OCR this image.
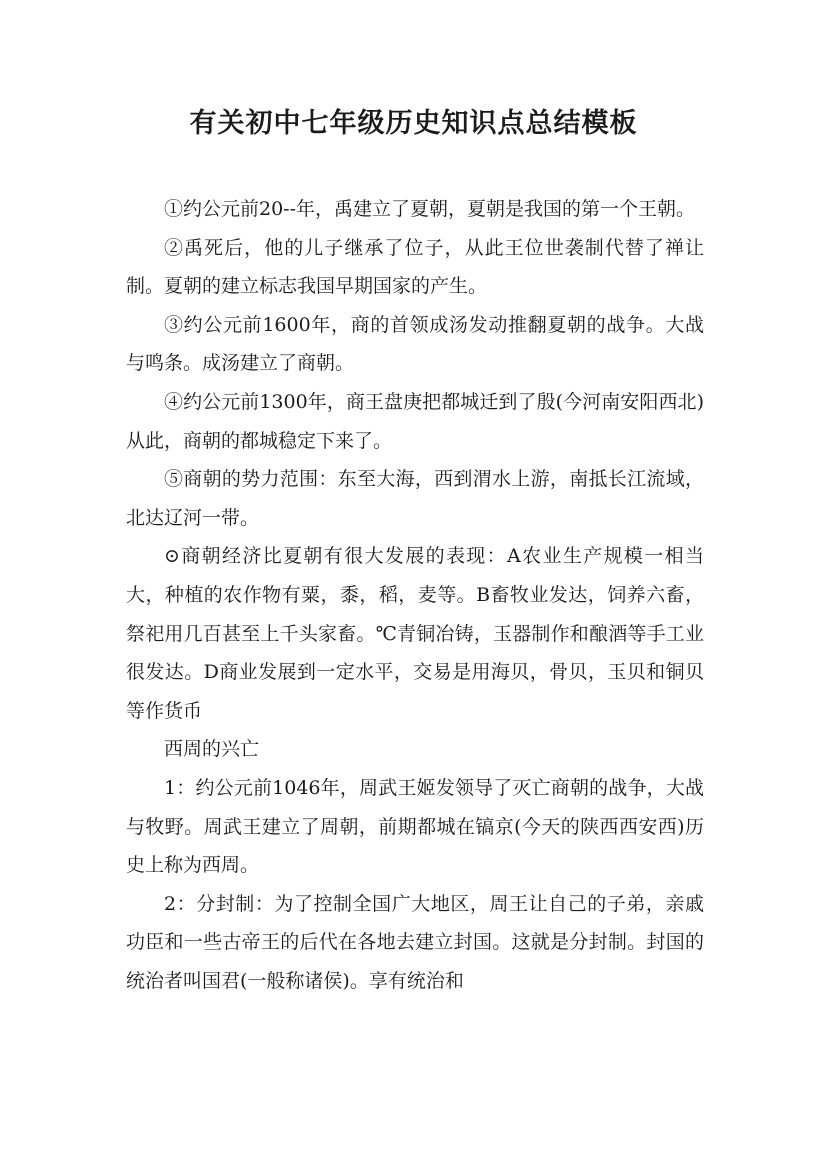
有关初中七年级历史知识点总结模板

①约公元前20--年，禹建立了夏朝，夏朝是我国的第一个王朝。

②禹死后，他的儿子继承了位子，从此王位世袭制代替了禅让制。夏朝的建立标志我国早期国家的产生。

③约公元前1600年，商的首领成汤发动推翻夏朝的战争。大战与鸣条。成汤建立了商朝。

④约公元前1300年，商王盘庚把都城迁到了殷(今河南安阳西北)从此，商朝的都城稳定下来了。

⑤商朝的势力范围：东至大海，西到渭水上游，南抵长江流域，北达辽河一带。

⊙商朝经济比夏朝有很大发展的表现：A农业生产规模一相当大，种植的农作物有粟，黍，稻，麦等。B畜牧业发达，饲养六畜，祭祀用几百甚至上千头家畜。℃青铜冶铸，玉器制作和酿酒等手工业很发达。D商业发展到一定水平，交易是用海贝，骨贝，玉贝和铜贝等作货币

西周的兴亡

1：约公元前1046年，周武王姬发领导了灭亡商朝的战争，大战与牧野。周武王建立了周朝，前期都城在镐京(今天的陕西西安西)历史上称为西周。

2：分封制：为了控制全国广大地区，周王让自己的子弟，亲戚功臣和一些古帝王的后代在各地去建立封国。这就是分封制。封国的统治者叫国君(一般称诸侯)。享有统治和
